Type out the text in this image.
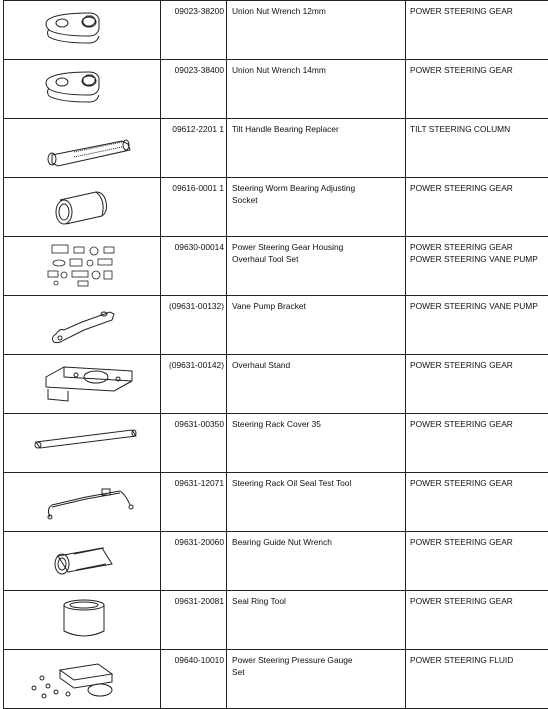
	09023-38200	Union Nut Wrench 12mm	POWER STEERING GEAR

	09023-38400	Union Nut Wrench 14mm	POWER STEERING GEAR

	09612-2201 1	Tilt Handle Bearing Replacer	TILT STEERING COLUMN

	09616-0001 1	Steering Worm Bearing Adjusting
Socket	POWER STEERING GEAR

	09630-00014	Power Steering Gear Housing
Overhaul Tool Set	POWER STEERING GEAR
POWER STEERING VANE PUMP

	(09631-00132)	Vane Pump Bracket	POWER STEERING VANE PUMP

	(09631-00142)	Overhaul Stand	POWER STEERING GEAR

	09631-00350	Steering Rack Cover 35	POWER STEERING GEAR

	09631-12071	Steering Rack Oil Seal Test Tool	POWER STEERING GEAR

	09631-20060	Bearing Guide Nut Wrench	POWER STEERING GEAR

	09631-20081	Seal Ring Tool	POWER STEERING GEAR

	09640-10010	Power Steering Pressure Gauge
Set	POWER STEERING FLUID
